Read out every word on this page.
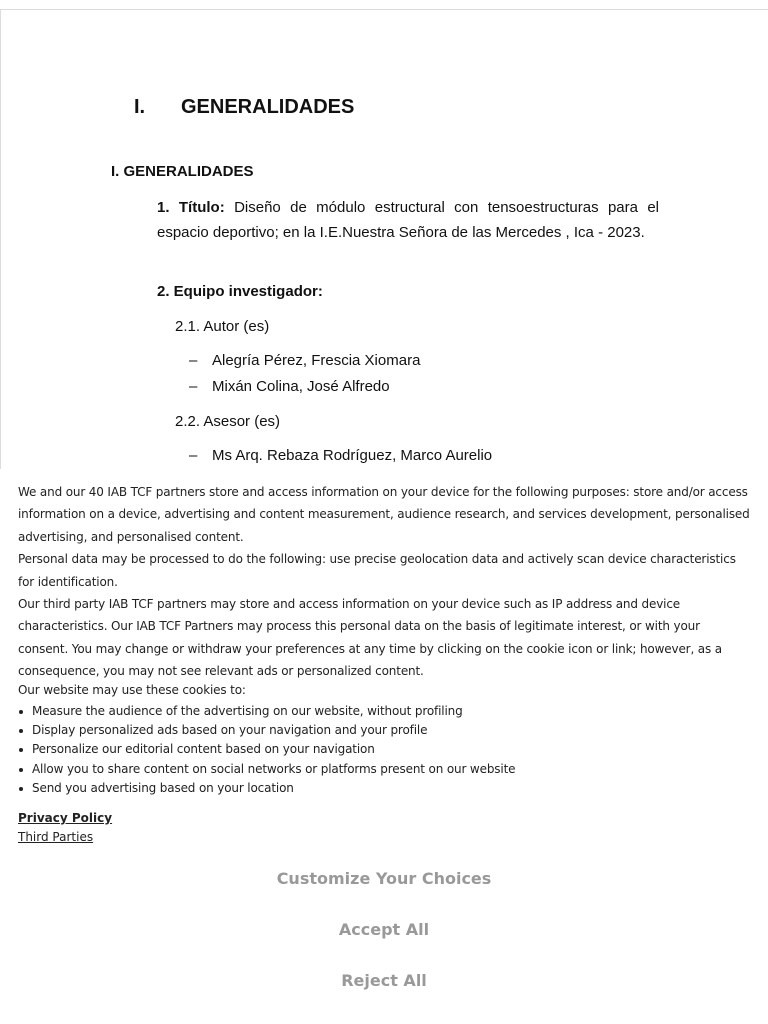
I. GENERALIDADES
I. GENERALIDADES
1. Título: Diseño de módulo estructural con tensoestructuras para el espacio deportivo; en la I.E.Nuestra Señora de las Mercedes , Ica - 2023.
2. Equipo investigador:
2.1. Autor (es)
– Alegría Pérez, Frescia Xiomara
– Mixán Colina, José Alfredo
2.2. Asesor (es)
– Ms Arq. Rebaza Rodríguez, Marco Aurelio

We and our 40 IAB TCF partners store and access information on your device for the following purposes: store and/or access information on a device, advertising and content measurement, audience research, and services development, personalised advertising, and personalised content.

Personal data may be processed to do the following: use precise geolocation data and actively scan device characteristics for identification.

Our third party IAB TCF partners may store and access information on your device such as IP address and device characteristics. Our IAB TCF Partners may process this personal data on the basis of legitimate interest, or with your consent. You may change or withdraw your preferences at any time by clicking on the cookie icon or link; however, as a consequence, you may not see relevant ads or personalized content.

Our website may use these cookies to:

Measure the audience of the advertising on our website, without profiling
Display personalized ads based on your navigation and your profile
Personalize our editorial content based on your navigation
Allow you to share content on social networks or platforms present on our website
Send you advertising based on your location
Privacy Policy
Third Parties
Customize Your Choices
Accept All
Reject All
